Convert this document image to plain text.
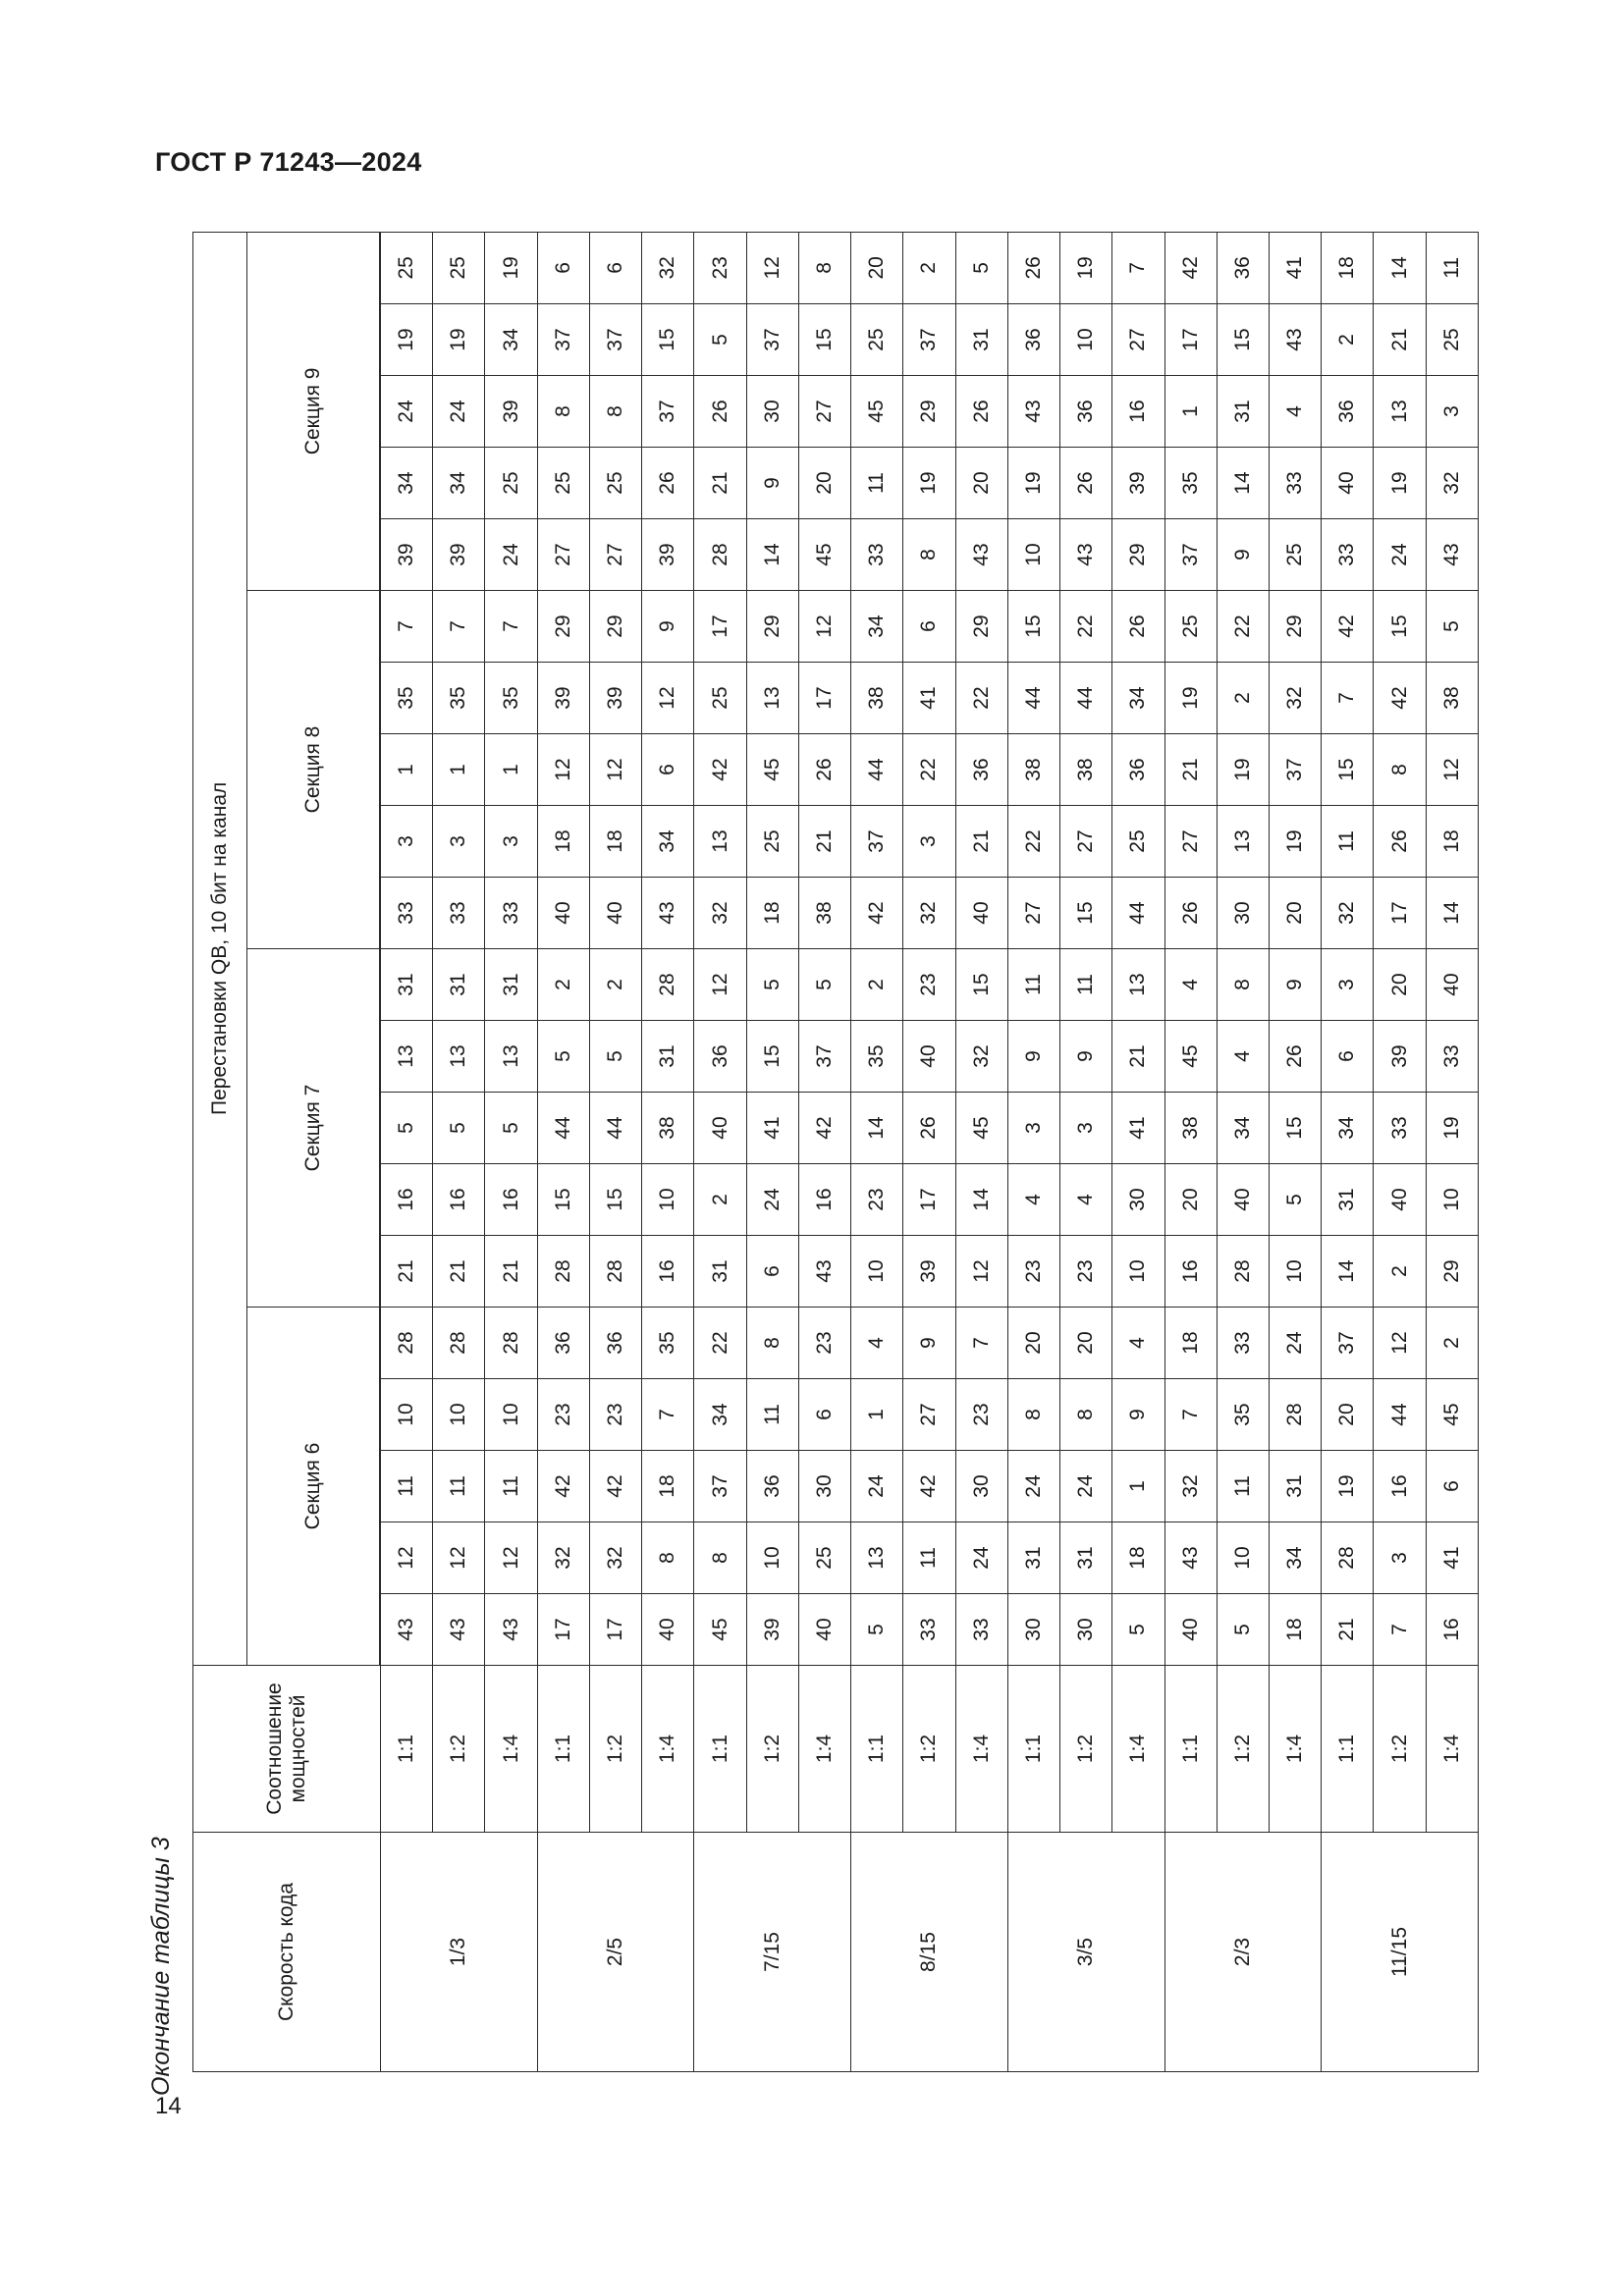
ГОСТ Р 71243—2024
14
Окончание таблицы 3	Скорость кода	Соотношение мощностей	Перестановки QB, 10 бит на канал																			
		Секция 6					Секция 7					Секция 8					Секция 9				

1/3	1:1	43	12	11	10	28	21	16	5	13	31	33	3	1	35	7	39	34	24	19	25
	1:2	43	12	11	10	28	21	16	5	13	31	33	3	1	35	7	39	34	24	19	25
	1:4	43	12	11	10	28	21	16	5	13	31	33	3	1	35	7	24	25	39	34	19
2/5	1:1	17	32	42	23	36	28	15	44	5	2	40	18	12	39	29	27	25	8	37	6
	1:2	17	32	42	23	36	28	15	44	5	2	40	18	12	39	29	27	25	8	37	6
	1:4	40	8	18	7	35	16	10	38	31	28	43	34	6	12	9	39	26	37	15	32
7/15	1:1	45	8	37	34	22	31	2	40	36	12	32	13	42	25	17	28	21	26	5	23
	1:2	39	10	36	11	8	6	24	41	15	5	18	25	45	13	29	14	9	30	37	12
	1:4	40	25	30	6	23	43	16	42	37	5	38	21	26	17	12	45	20	27	15	8
8/15	1:1	5	13	24	1	4	10	23	14	35	2	42	37	44	38	34	33	11	45	25	20
	1:2	33	11	42	27	9	39	17	26	40	23	32	3	22	41	6	8	19	29	37	2
	1:4	33	24	30	23	7	12	14	45	32	15	40	21	36	22	29	43	20	26	31	5
3/5	1:1	30	31	24	8	20	23	4	3	9	11	27	22	38	44	15	10	19	43	36	26
	1:2	30	31	24	8	20	23	4	3	9	11	15	27	38	44	22	43	26	36	10	19
	1:4	5	18	1	9	4	10	30	41	21	13	44	25	36	34	26	29	39	16	27	7
2/3	1:1	40	43	32	7	18	16	20	38	45	4	26	27	21	19	25	37	35	1	17	42
	1:2	5	10	11	35	33	28	40	34	4	8	30	13	19	2	22	9	14	31	15	36
	1:4	18	34	31	28	24	10	5	15	26	9	20	19	37	32	29	25	33	4	43	41
11/15	1:1	21	28	19	20	37	14	31	34	6	3	32	11	15	7	42	33	40	36	2	18
	1:2	7	3	16	44	12	2	40	33	39	20	17	26	8	42	15	24	19	13	21	14
	1:4	16	41	6	45	2	29	10	19	33	40	14	18	12	38	5	43	32	3	25	11
